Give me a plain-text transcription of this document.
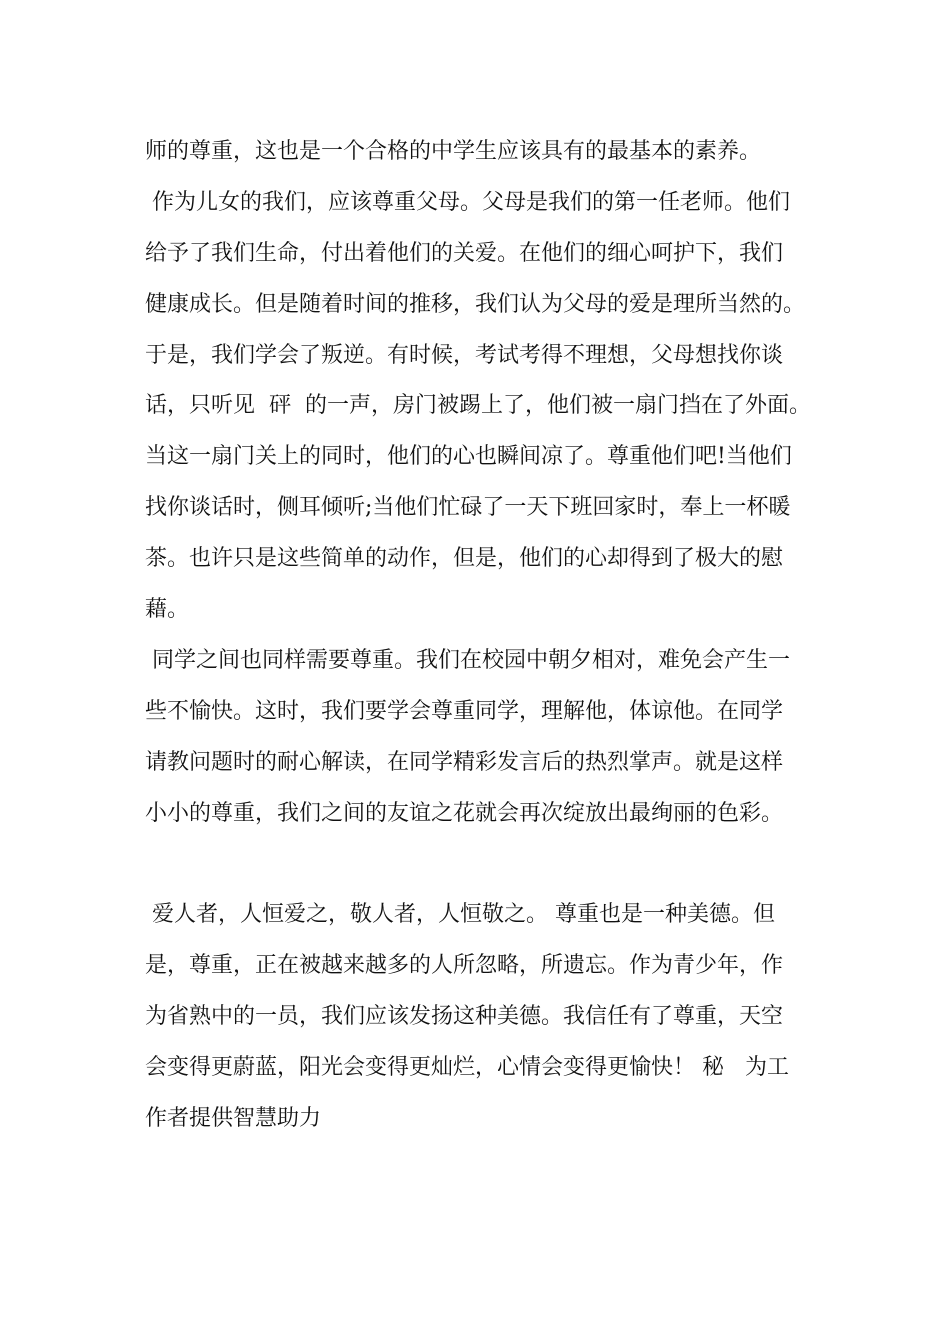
师的尊重，这也是一个合格的中学生应该具有的最基本的素养。
作为儿女的我们，应该尊重父母。父母是我们的第一任老师。他们
给予了我们生命，付出着他们的关爱。在他们的细心呵护下，我们
健康成长。但是随着时间的推移，我们认为父母的爱是理所当然的。
于是，我们学会了叛逆。有时候，考试考得不理想，父母想找你谈
话，只听见  砰  的一声，房门被踢上了，他们被一扇门挡在了外面。
当这一扇门关上的同时，他们的心也瞬间凉了。尊重他们吧!当他们
找你谈话时，侧耳倾听;当他们忙碌了一天下班回家时，奉上一杯暖
茶。也许只是这些简单的动作，但是，他们的心却得到了极大的慰
藉。
同学之间也同样需要尊重。我们在校园中朝夕相对，难免会产生一
些不愉快。这时，我们要学会尊重同学，理解他，体谅他。在同学
请教问题时的耐心解读，在同学精彩发言后的热烈掌声。就是这样
小小的尊重，我们之间的友谊之花就会再次绽放出最绚丽的色彩。
爱人者，人恒爱之，敬人者，人恒敬之。 尊重也是一种美德。但
是，尊重，正在被越来越多的人所忽略，所遗忘。作为青少年，作
为省熟中的一员，我们应该发扬这种美德。我信任有了尊重，天空
会变得更蔚蓝，阳光会变得更灿烂，心情会变得更愉快！ 秘   为工
作者提供智慧助力
